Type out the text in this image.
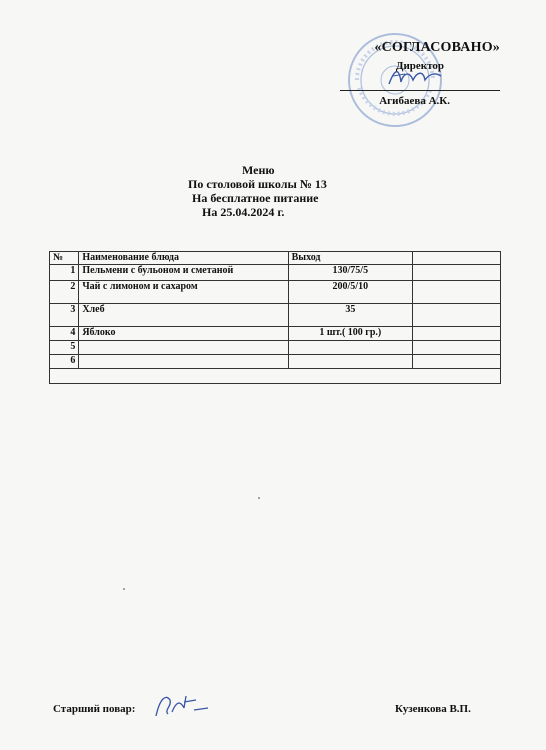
«СОГЛАСОВАНО»
Директор
Агибаева А.К.
Меню
По столовой школы № 13
На бесплатное питание
На 25.04.2024 г.
№	Наименование блюда	Выход	
1	Пельмени с бульоном и сметаной	130/75/5	
2	Чай с лимоном и сахаром	200/5/10	
3	Хлеб	35	
4	Яблоко	1 шт.( 100 гр.)	
5			
6			

Старший повар:	Кузенкова В.П.
